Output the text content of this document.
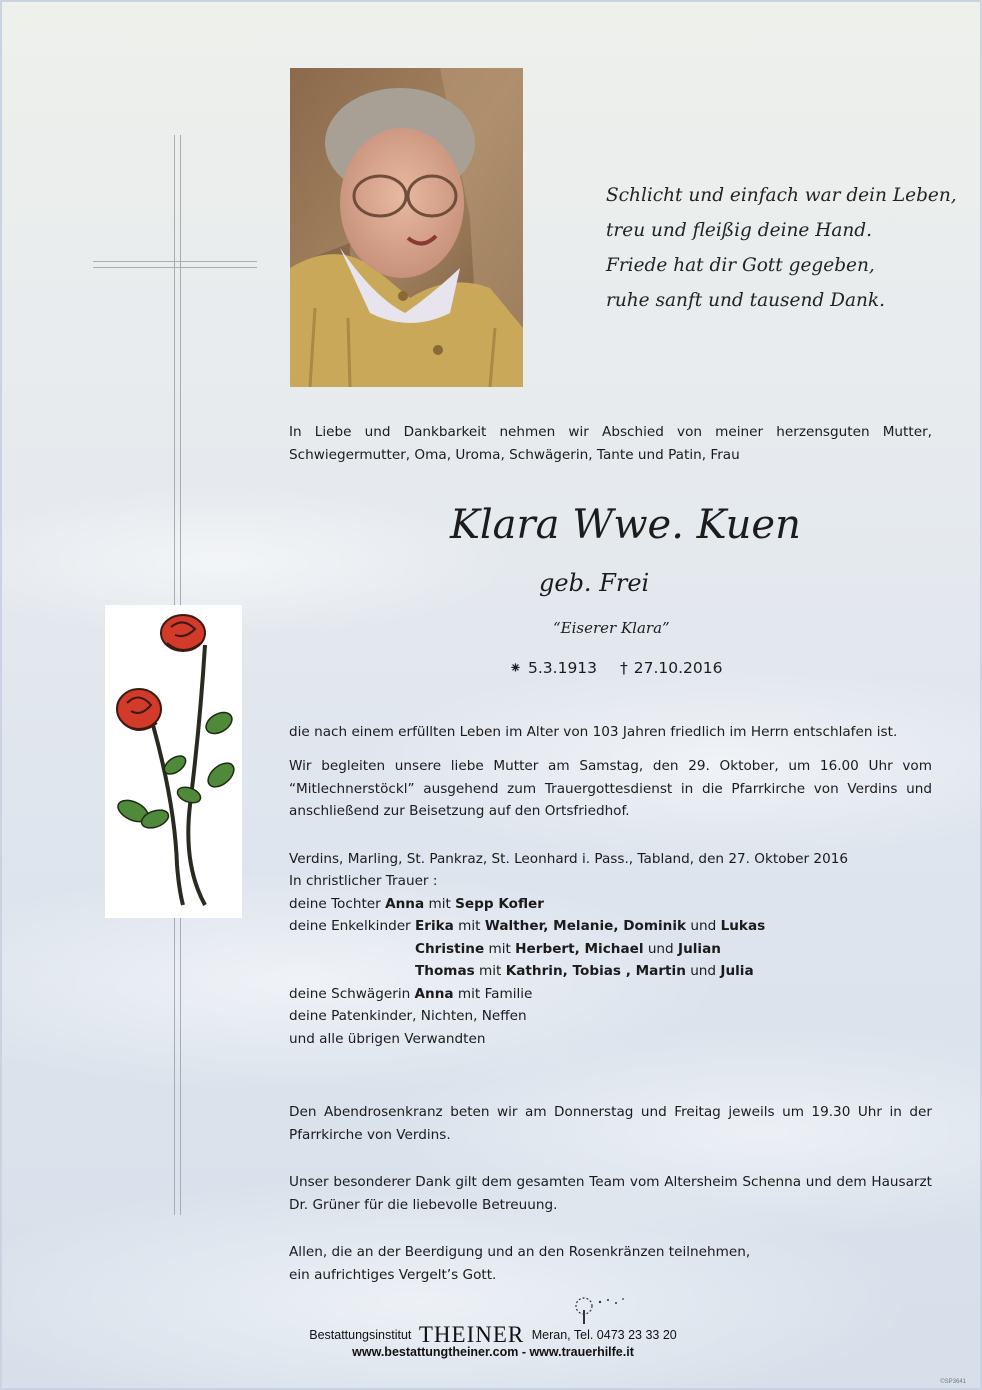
Schlicht und einfach war dein Leben,
treu und fleißig deine Hand.
Friede hat dir Gott gegeben,
ruhe sanft und tausend Dank.
In Liebe und Dankbarkeit nehmen wir Abschied von meiner herzensguten Mutter, Schwiegermutter, Oma, Uroma, Schwägerin, Tante und Patin, Frau
Klara Wwe. Kuen
geb. Frei
“Eiserer Klara”
⁕ 5.3.1913 † 27.10.2016
die nach einem erfüllten Leben im Alter von 103 Jahren friedlich im Herrn entschlafen ist.
Wir begleiten unsere liebe Mutter am Samstag, den 29. Oktober, um 16.00 Uhr vom “Mitlechnerstöckl” ausgehend zum Trauergottesdienst in die Pfarrkirche von Verdins und anschließend zur Beisetzung auf den Ortsfriedhof.
Verdins, Marling, St. Pankraz, St. Leonhard i. Pass., Tabland, den 27. Oktober 2016
In christlicher Trauer :
deine Tochter Anna mit Sepp Kofler
deine Enkelkinder Erika mit Walther, Melanie, Dominik und Lukas
Christine mit Herbert, Michael und Julian
Thomas mit Kathrin, Tobias , Martin und Julia
deine Schwägerin Anna mit Familie
deine Patenkinder, Nichten, Neffen
und alle übrigen Verwandten
Den Abendrosenkranz beten wir am Donnerstag und Freitag jeweils um 19.30 Uhr in der Pfarrkirche von Verdins.
Unser besonderer Dank gilt dem gesamten Team vom Altersheim Schenna und dem Hausarzt Dr. Grüner für die liebevolle Betreuung.
Allen, die an der Beerdigung und an den Rosenkränzen teilnehmen,
ein aufrichtiges Vergelt’s Gott.
Bestattungsinstitut THEINER Meran, Tel. 0473 23 33 20
www.bestattungtheiner.com - www.trauerhilfe.it
©SP3641
